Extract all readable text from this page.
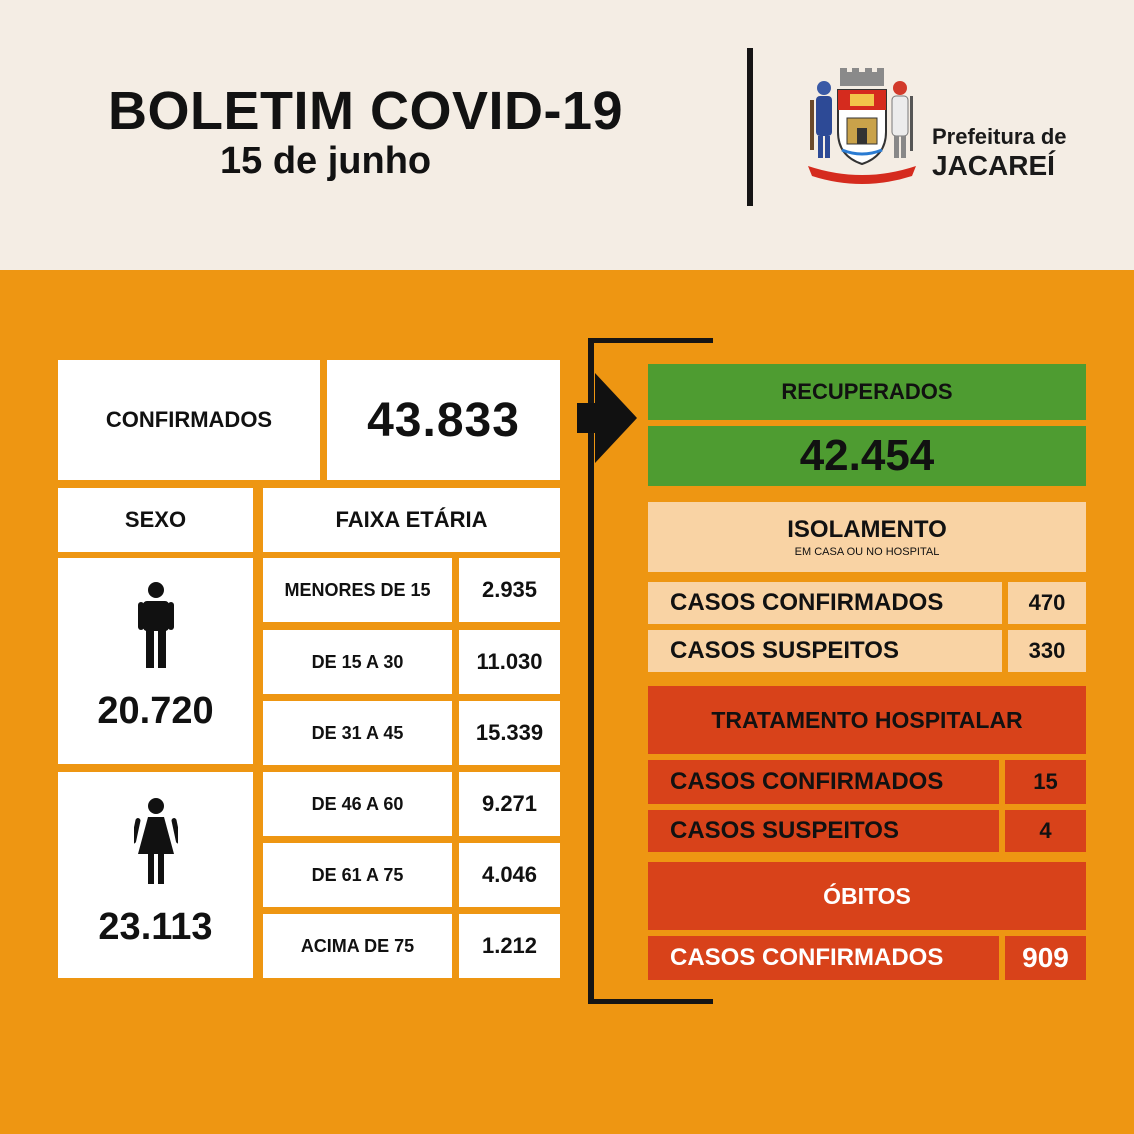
BOLETIM COVID-19
15 de junho
Prefeitura de
JACAREÍ
CONFIRMADOS	43.833
SEXO	FAIXA ETÁRIA
20.720
23.113
MENORES DE 15	2.935
DE 15 A 30	11.030
DE 31 A 45	15.339
DE 46 A 60	9.271
DE 61 A 75	4.046
ACIMA DE 75	1.212
RECUPERADOS
42.454
ISOLAMENTO
EM CASA OU NO HOSPITAL
CASOS CONFIRMADOS	470
CASOS SUSPEITOS	330
TRATAMENTO HOSPITALAR
CASOS CONFIRMADOS	15
CASOS SUSPEITOS	4
ÓBITOS
CASOS CONFIRMADOS	909
